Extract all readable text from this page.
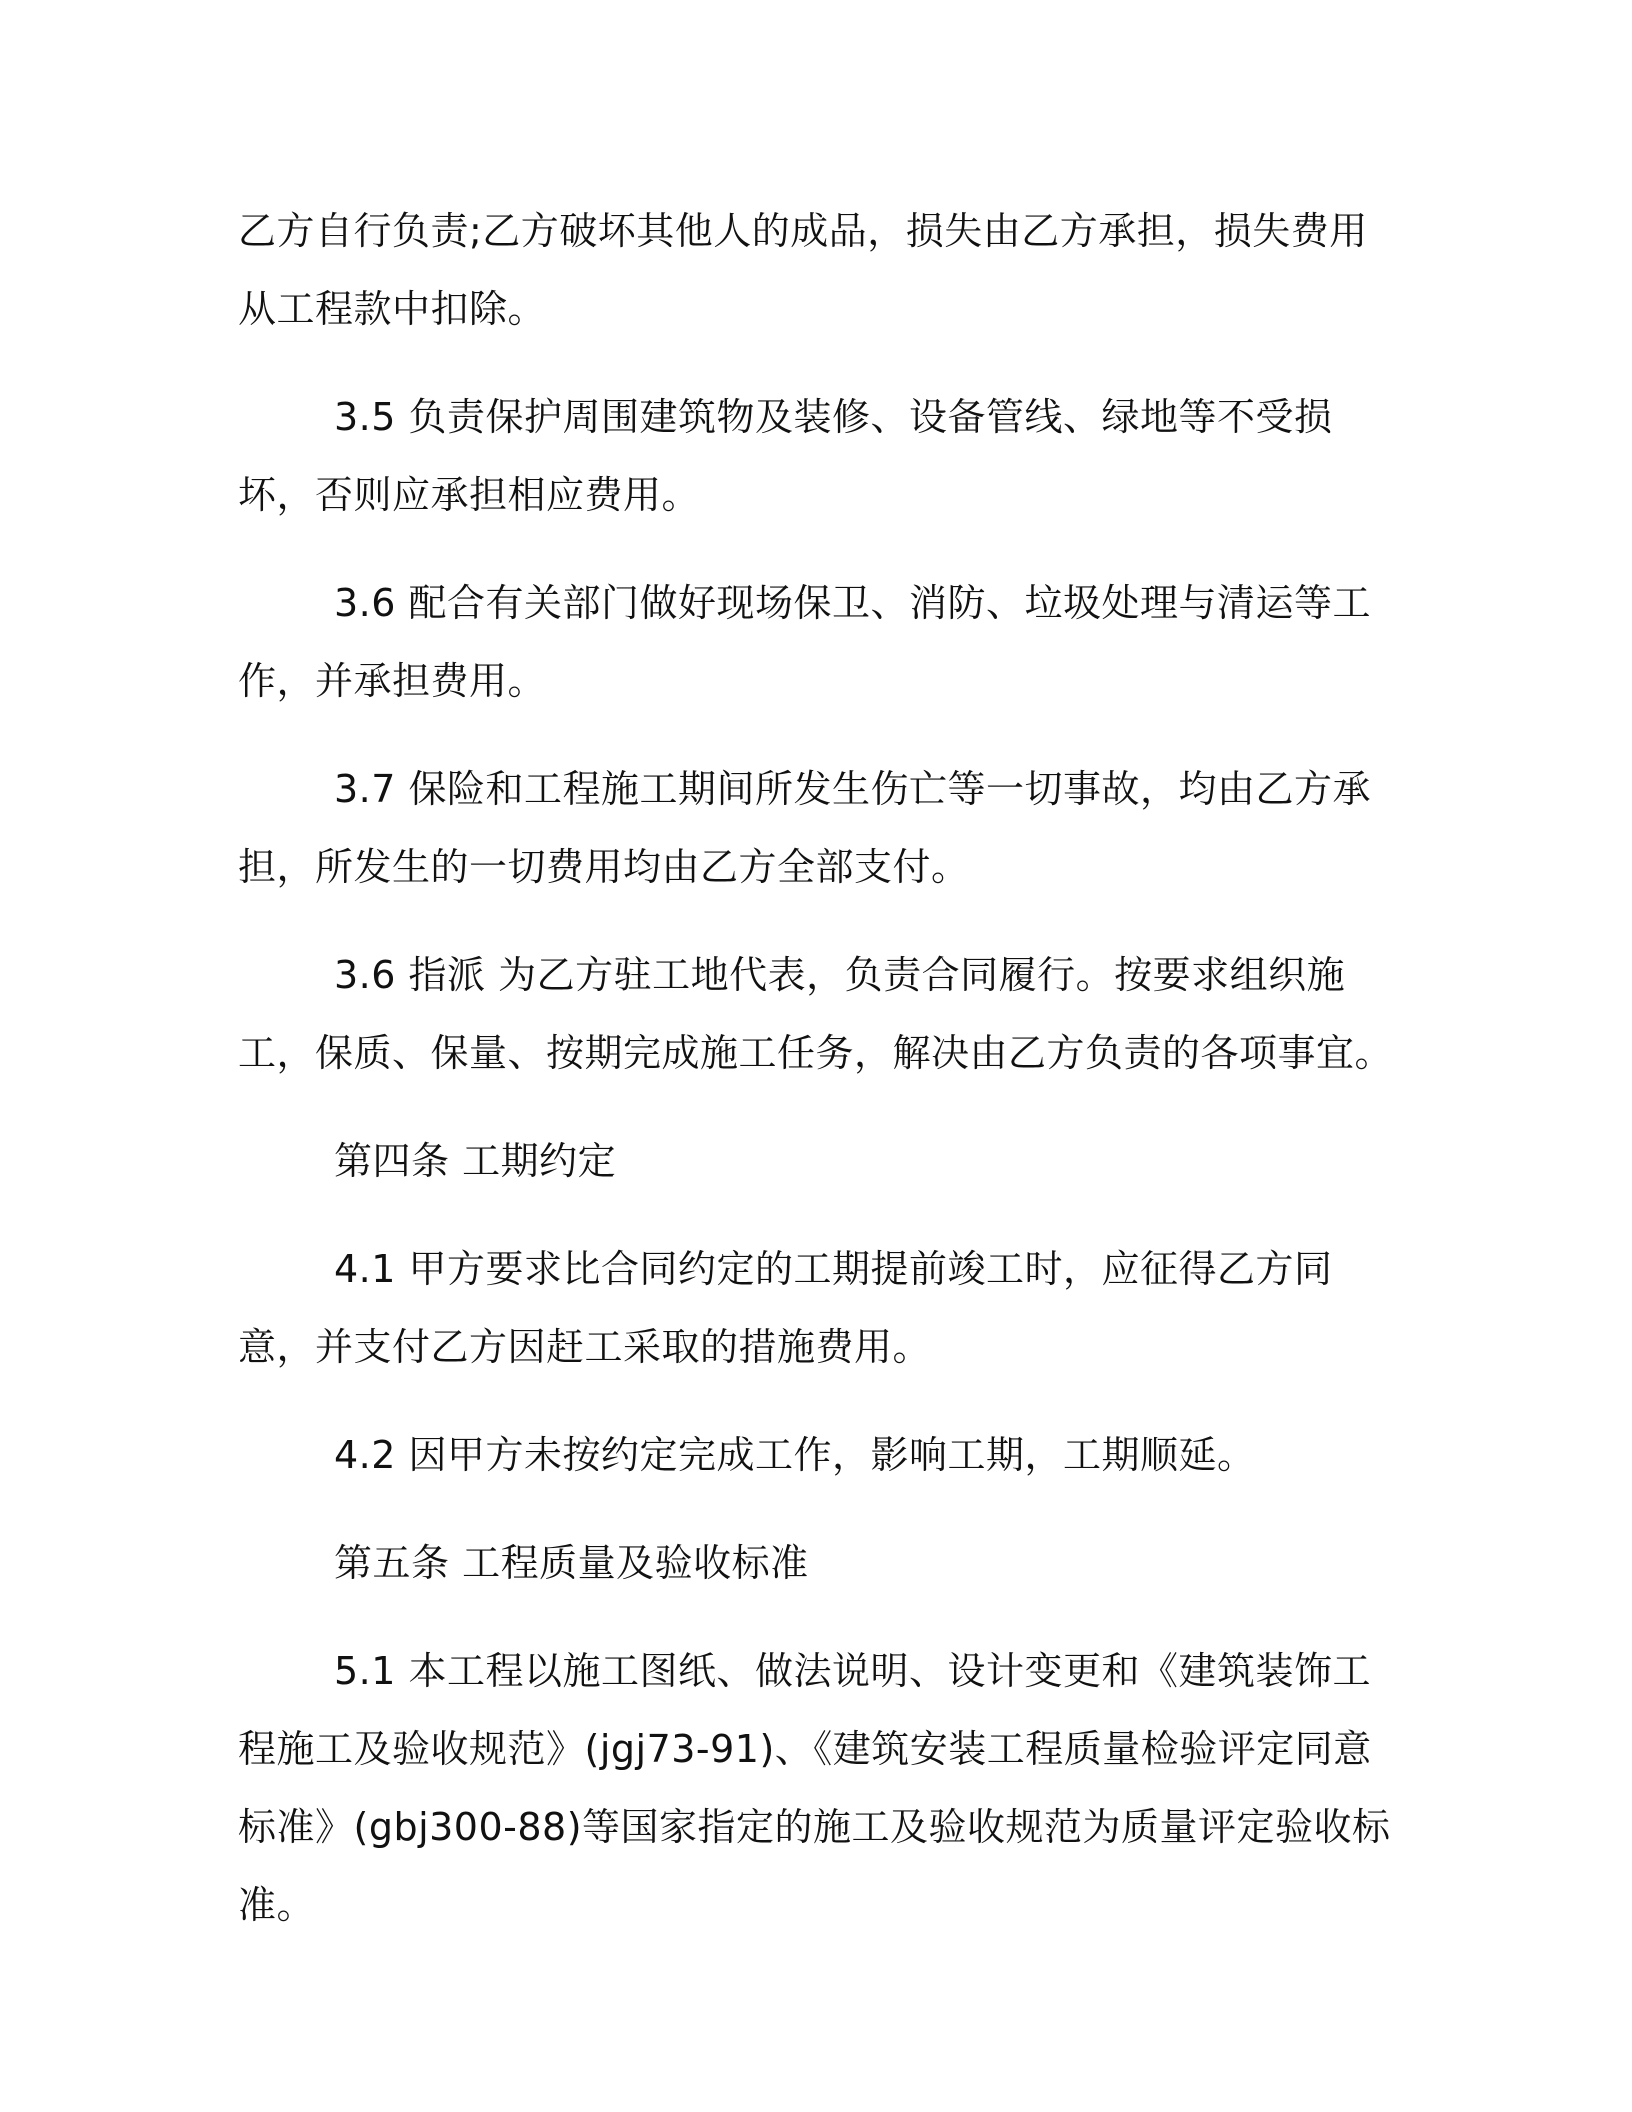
乙方自行负责;乙方破坏其他人的成品，损失由乙方承担，损失费用从工程款中扣除。

3.5 负责保护周围建筑物及装修、设备管线、绿地等不受损坏，否则应承担相应费用。

3.6 配合有关部门做好现场保卫、消防、垃圾处理与清运等工作，并承担费用。

3.7 保险和工程施工期间所发生伤亡等一切事故，均由乙方承担，所发生的一切费用均由乙方全部支付。

3.6 指派 为乙方驻工地代表，负责合同履行。按要求组织施工，保质、保量、按期完成施工任务，解决由乙方负责的各项事宜。

第四条 工期约定

4.1 甲方要求比合同约定的工期提前竣工时，应征得乙方同意，并支付乙方因赶工采取的措施费用。

4.2 因甲方未按约定完成工作，影响工期，工期顺延。

第五条 工程质量及验收标准

5.1 本工程以施工图纸、做法说明、设计变更和《建筑装饰工程施工及验收规范》(jgj73-91)、《建筑安装工程质量检验评定同意标准》(gbj300-88)等国家指定的施工及验收规范为质量评定验收标准。
